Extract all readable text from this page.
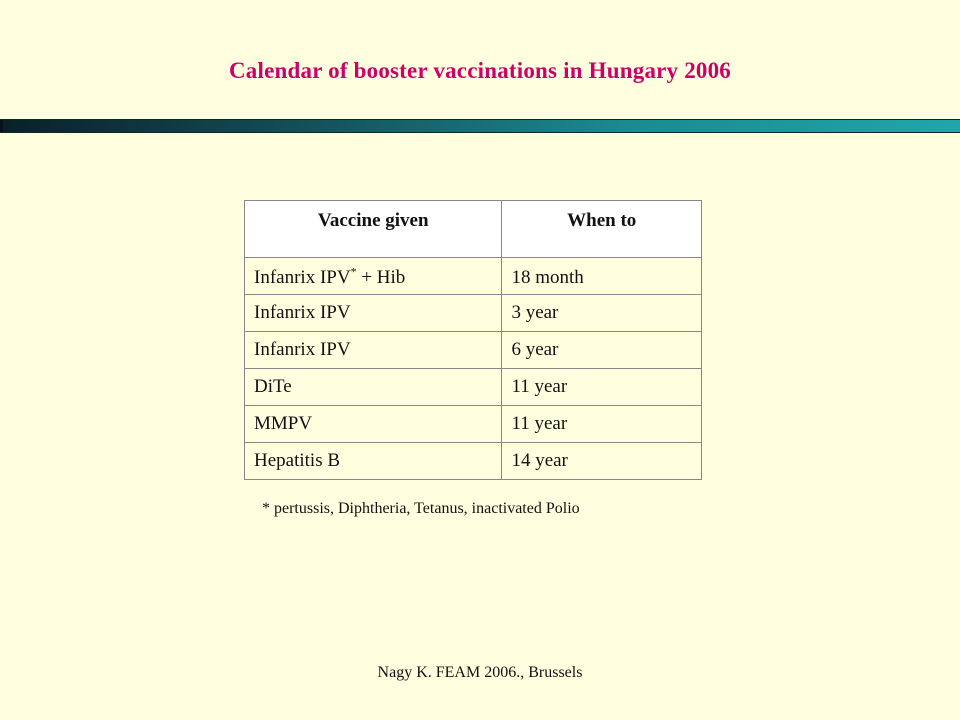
Calendar of booster vaccinations in Hungary 2006
Vaccine given	When to
Infanrix IPV* + Hib	18 month
Infanrix IPV	3 year
Infanrix IPV	6 year
DiTe	11 year
MMPV	11 year
Hepatitis B	14 year
* pertussis, Diphtheria, Tetanus, inactivated Polio
Nagy K. FEAM 2006., Brussels
